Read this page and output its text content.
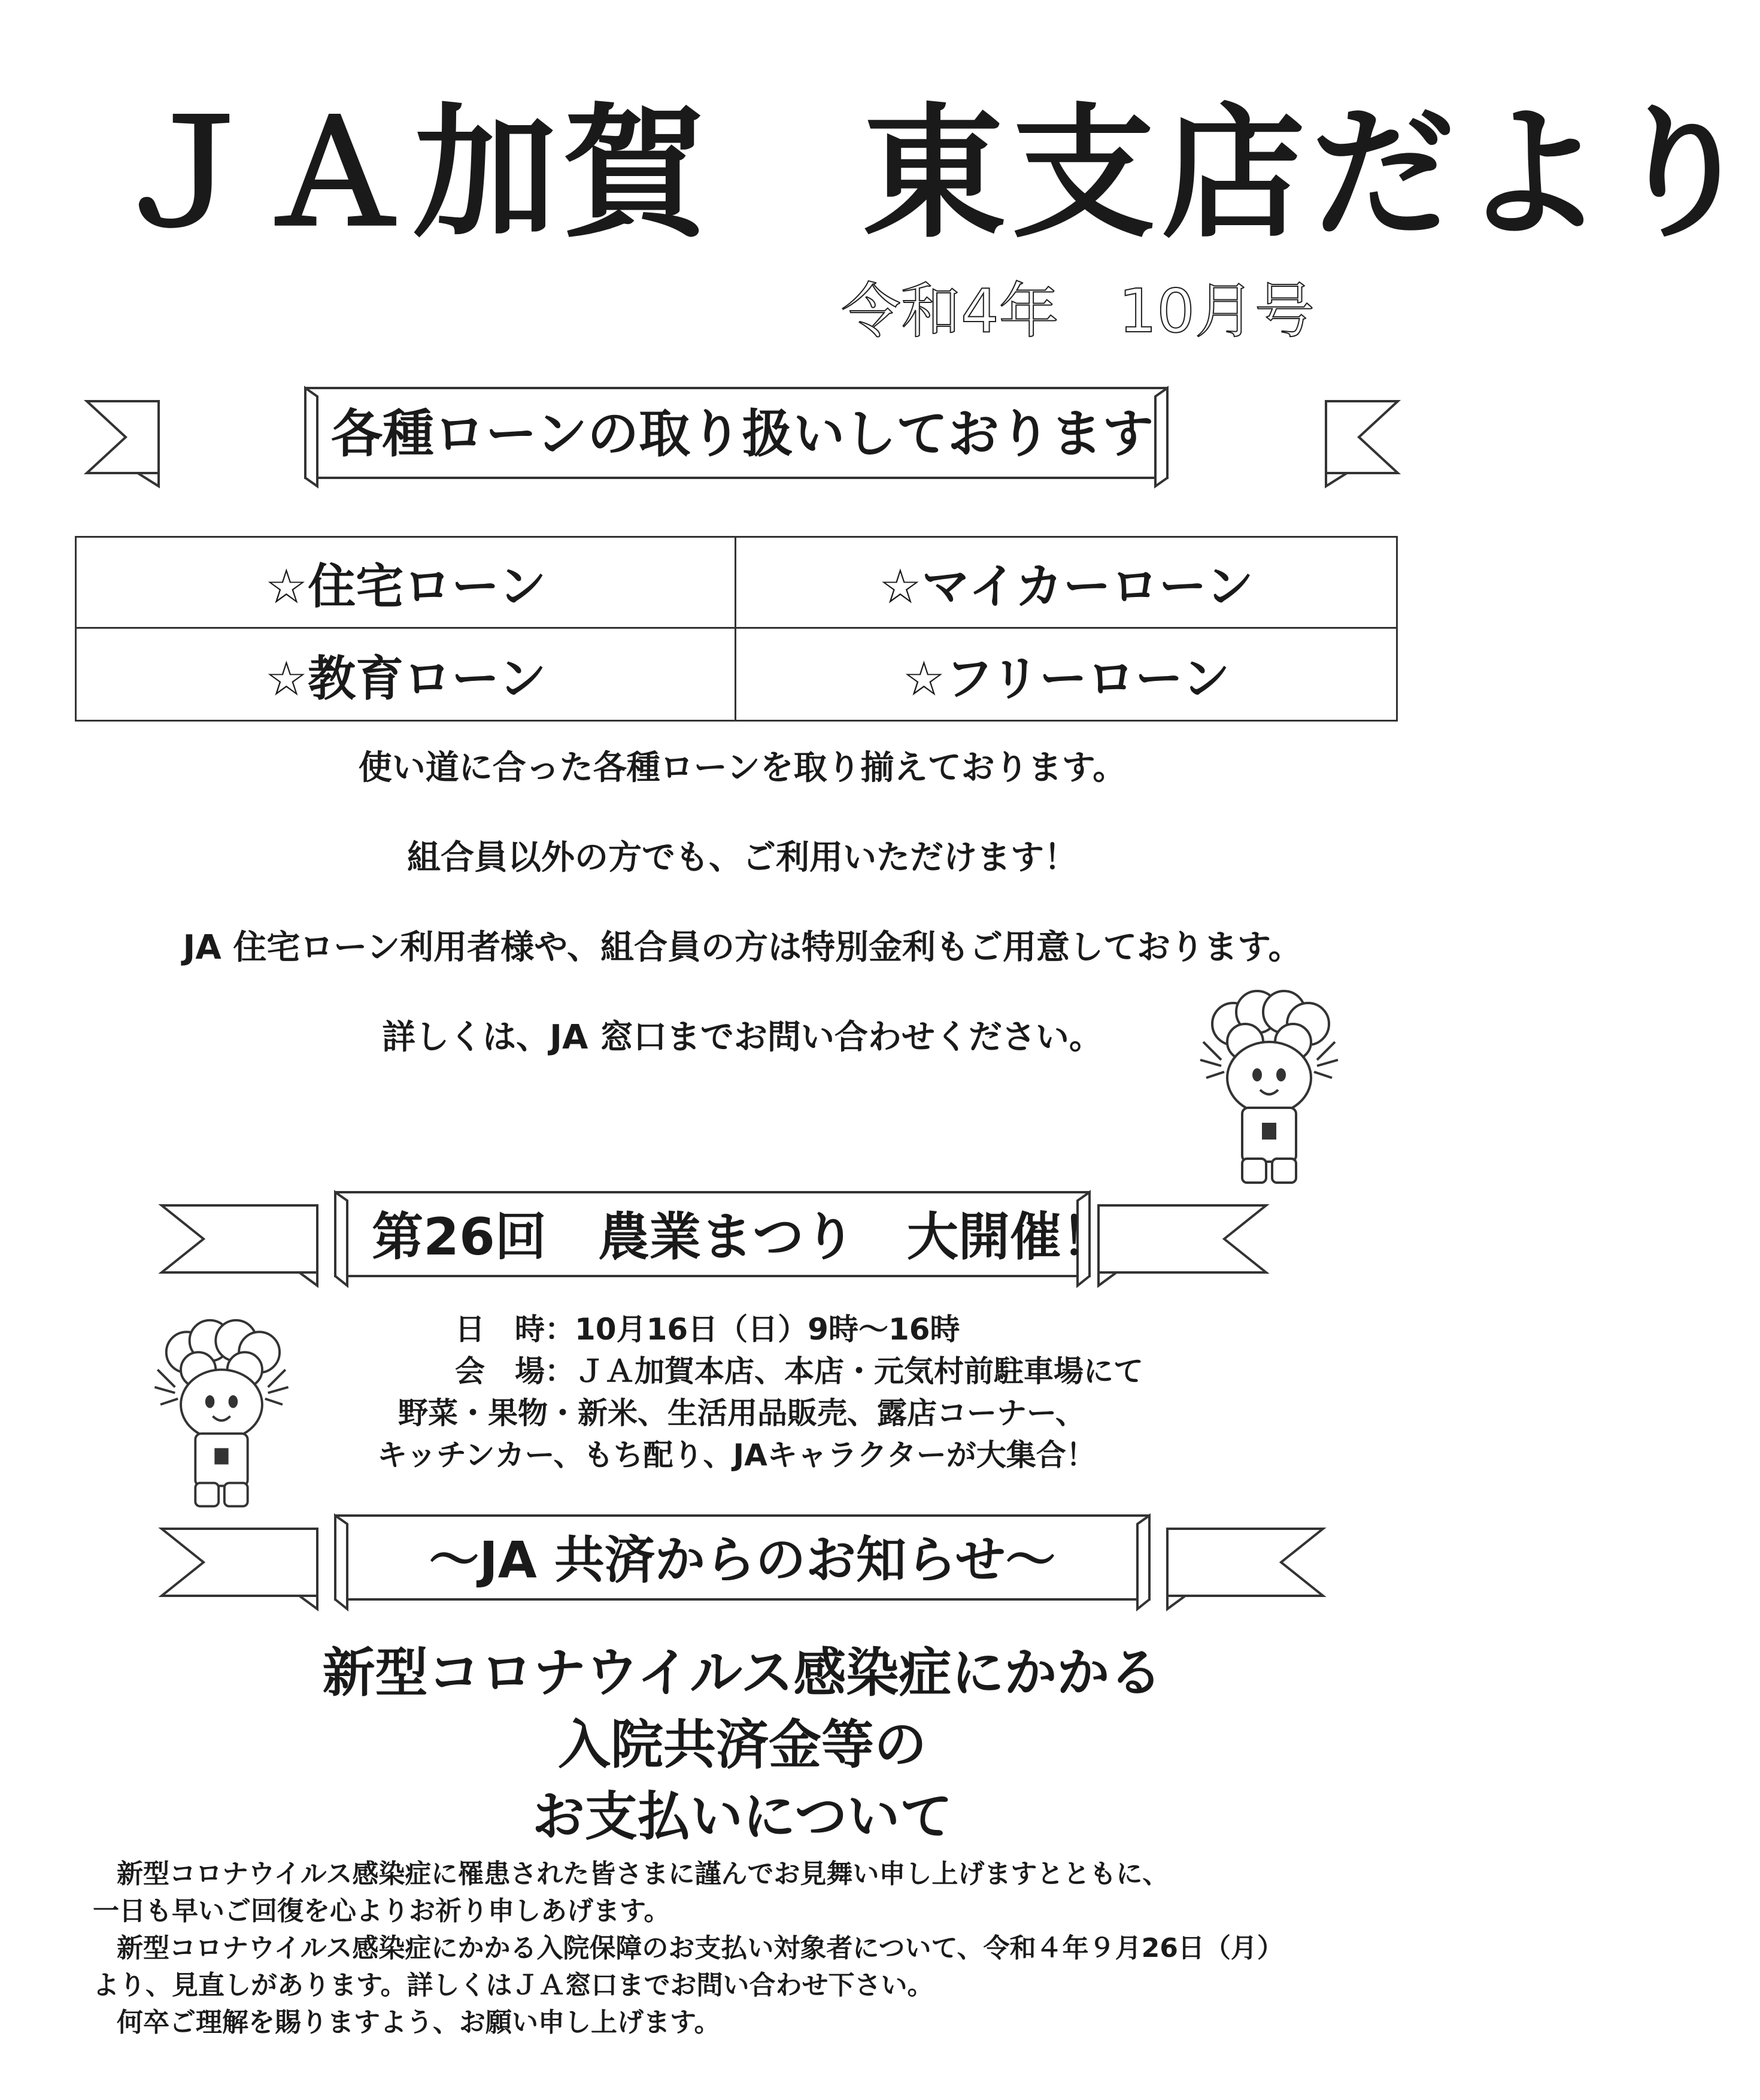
ＪＡ加賀　東支店だより
令和4年　10月号
各種ローンの取り扱いしております
☆住宅ローン	☆マイカーローン
☆教育ローン	☆フリーローン
使い道に合った各種ローンを取り揃えております。
組合員以外の方でも、ご利用いただけます！
JA 住宅ローン利用者様や、組合員の方は特別金利もご用意しております。
詳しくは、JA 窓口までお問い合わせください。
第26回　農業まつり　大開催！
日　時：10月16日（日）9時～16時
会　場：ＪＡ加賀本店、本店・元気村前駐車場にて
野菜・果物・新米、生活用品販売、露店コーナー、
キッチンカー、もち配り、JAキャラクターが大集合！
～JA 共済からのお知らせ～
新型コロナウイルス感染症にかかる
入院共済金等の
お支払いについて
新型コロナウイルス感染症に罹患された皆さまに謹んでお見舞い申し上げますとともに、
一日も早いご回復を心よりお祈り申しあげます。
新型コロナウイルス感染症にかかる入院保障のお支払い対象者について、令和４年９月26日（月）
より、見直しがあります。詳しくはＪＡ窓口までお問い合わせ下さい。
何卒ご理解を賜りますよう、お願い申し上げます。
